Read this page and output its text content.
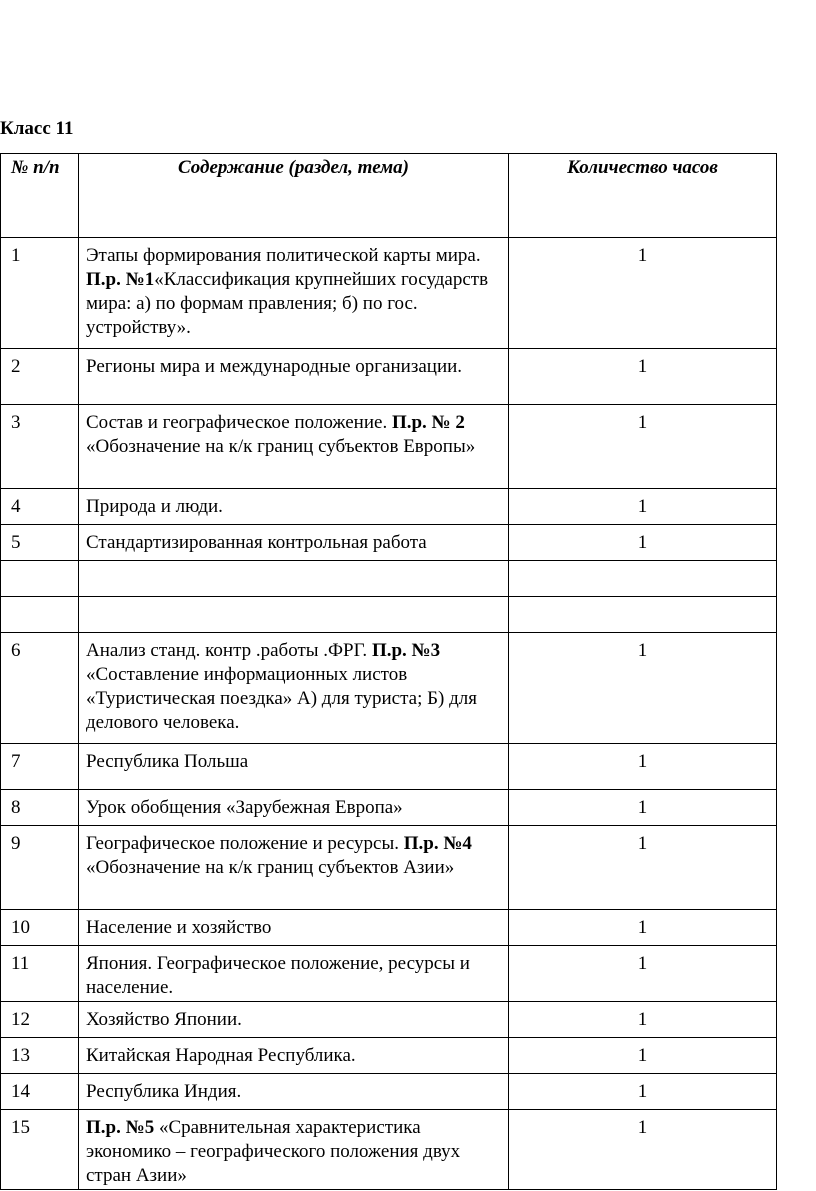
Класс 11
№ п/п	Содержание (раздел, тема)	Количество часов
1	Этапы формирования политической карты мира. П.р. №1«Классификация крупнейших государств мира: а) по формам правления; б) по гос. устройству».	1
2	Регионы мира и международные организации.	1
3	Состав и географическое положение. П.р. № 2 «Обозначение на к/к границ субъектов Европы»	1
4	Природа и люди.	1
5	Стандартизированная контрольная работа	1

6	Анализ станд. контр .работы .ФРГ. П.р. №3 «Составление информационных листов «Туристическая поездка» А) для туриста; Б) для делового человека.	1
7	Республика Польша	1
8	Урок обобщения «Зарубежная Европа»	1
9	Географическое положение и ресурсы. П.р. №4 «Обозначение на к/к границ субъектов Азии»	1
10	Население и хозяйство	1
11	Япония. Географическое положение, ресурсы и население.	1
12	Хозяйство Японии.	1
13	Китайская Народная Республика.	1
14	Республика Индия.	1
15	П.р. №5 «Сравнительная характеристика экономико – географического положения двух стран Азии»	1
